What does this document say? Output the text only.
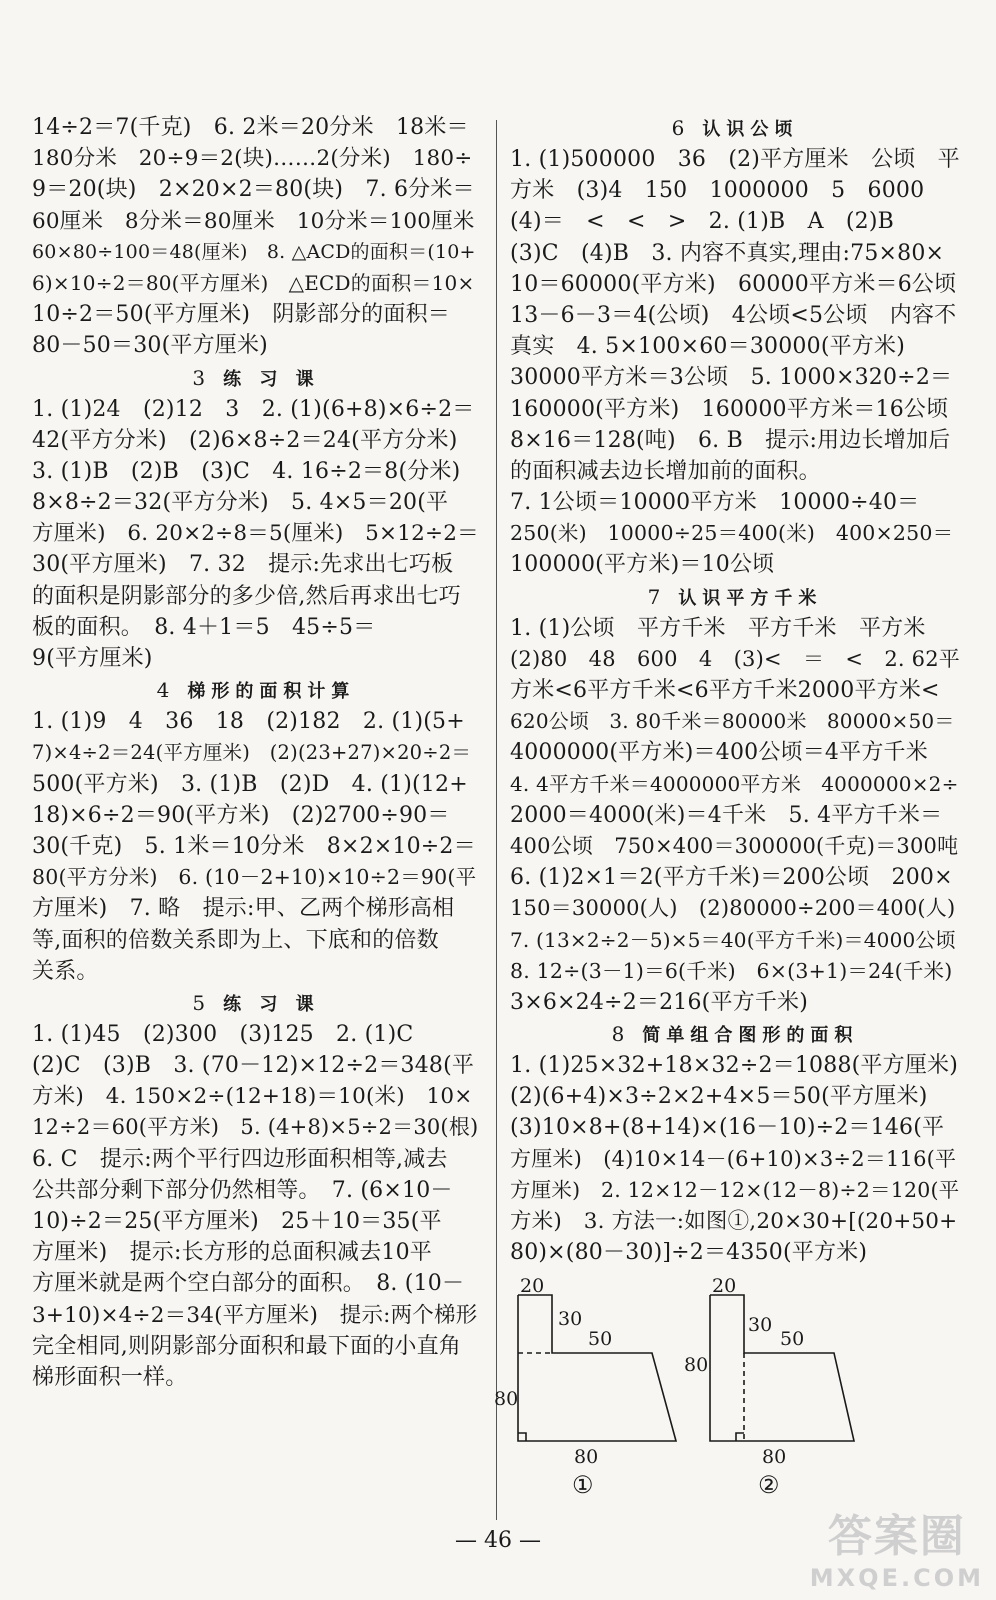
14÷2＝7(千克)　6. 2米＝20分米　18米＝
180分米　20÷9＝2(块)……2(分米)　180÷
9＝20(块)　2×20×2＝80(块)　7. 6分米＝
60厘米　8分米＝80厘米　10分米＝100厘米
60×80÷100＝48(厘米)　8. △ACD的面积＝(10+
6)×10÷2＝80(平方厘米)　△ECD的面积＝10×
10÷2＝50(平方厘米)　阴影部分的面积＝
80－50＝30(平方厘米)
3 练 习 课
1. (1)24　(2)12　3　2. (1)(6+8)×6÷2＝
42(平方分米)　(2)6×8÷2＝24(平方分米)
3. (1)B　(2)B　(3)C　4. 16÷2＝8(分米)
8×8÷2＝32(平方分米)　5. 4×5＝20(平
方厘米)　6. 20×2÷8＝5(厘米)　5×12÷2＝
30(平方厘米)　7. 32　提示:先求出七巧板
的面积是阴影部分的多少倍,然后再求出七巧
板的面积。　8. 4＋1＝5　45÷5＝
9(平方厘米)
4 梯形的面积计算
1. (1)9　4　36　18　(2)182　2. (1)(5+
7)×4÷2＝24(平方厘米)　(2)(23+27)×20÷2＝
500(平方米)　3. (1)B　(2)D　4. (1)(12+
18)×6÷2＝90(平方米)　(2)2700÷90＝
30(千克)　5. 1米＝10分米　8×2×10÷2＝
80(平方分米)　6. (10－2+10)×10÷2＝90(平
方厘米)　7. 略　提示:甲、乙两个梯形高相
等,面积的倍数关系即为上、下底和的倍数
关系。
5 练 习 课
1. (1)45　(2)300　(3)125　2. (1)C
(2)C　(3)B　3. (70－12)×12÷2＝348(平
方米)　4. 150×2÷(12+18)＝10(米)　10×
12÷2＝60(平方米)　5. (4+8)×5÷2＝30(根)
6. C　提示:两个平行四边形面积相等,减去
公共部分剩下部分仍然相等。　7. (6×10－
10)÷2＝25(平方厘米)　25＋10＝35(平
方厘米)　提示:长方形的总面积减去10平
方厘米就是两个空白部分的面积。　8. (10－
3+10)×4÷2＝34(平方厘米)　提示:两个梯形
完全相同,则阴影部分面积和最下面的小直角
梯形面积一样。
6 认识公顷
1. (1)500000　36　(2)平方厘米　公顷　平
方米　(3)4　150　1000000　5　6000
(4)＝　<　<　>　2. (1)B　A　(2)B
(3)C　(4)B　3. 内容不真实,理由:75×80×
10＝60000(平方米)　60000平方米＝6公顷
13－6－3＝4(公顷)　4公顷<5公顷　内容不
真实　4. 5×100×60＝30000(平方米)
30000平方米＝3公顷　5. 1000×320÷2＝
160000(平方米)　160000平方米＝16公顷
8×16＝128(吨)　6. B　提示:用边长增加后
的面积减去边长增加前的面积。
7. 1公顷＝10000平方米　10000÷40＝
250(米)　10000÷25＝400(米)　400×250＝
100000(平方米)＝10公顷
7 认识平方千米
1. (1)公顷　平方千米　平方千米　平方米
(2)80　48　600　4　(3)<　＝　<　2. 62平
方米<6平方千米<6平方千米2000平方米<
620公顷　3. 80千米＝80000米　80000×50＝
4000000(平方米)＝400公顷＝4平方千米
4. 4平方千米＝4000000平方米　4000000×2÷
2000＝4000(米)＝4千米　5. 4平方千米＝
400公顷　750×400＝300000(千克)＝300吨
6. (1)2×1＝2(平方千米)＝200公顷　200×
150＝30000(人)　(2)80000÷200＝400(人)
7. (13×2÷2－5)×5＝40(平方千米)＝4000公顷
8. 12÷(3－1)＝6(千米)　6×(3+1)＝24(千米)
3×6×24÷2＝216(平方千米)
8 简单组合图形的面积
1. (1)25×32+18×32÷2＝1088(平方厘米)
(2)(6+4)×3÷2×2+4×5＝50(平方厘米)
(3)10×8+(8+14)×(16－10)÷2＝146(平
方厘米)　(4)10×14－(6+10)×3÷2＝116(平
方厘米)　2. 12×12－12×(12－8)÷2＝120(平
方米)　3. 方法一:如图①,20×30+[(20+50+
80)×(80－30)]÷2＝4350(平方米)
20
30
50
80
80
①
20
30
50
80
80
②
— 46 —	答案圈
MXQE.COM
